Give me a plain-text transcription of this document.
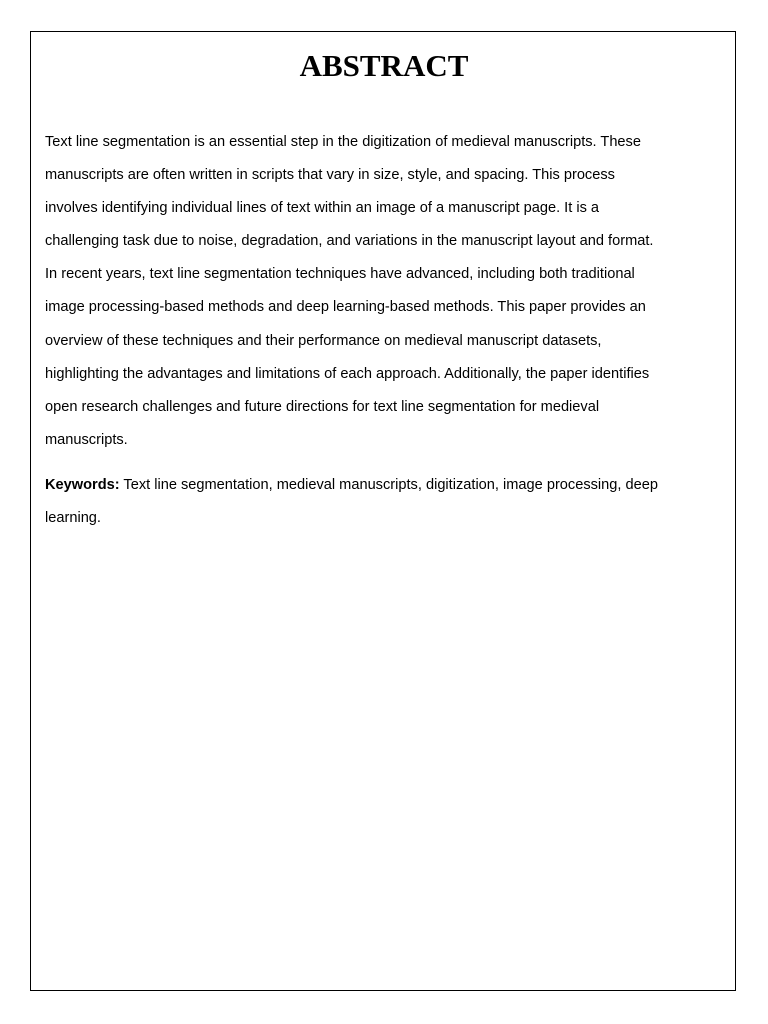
ABSTRACT

Text line segmentation is an essential step in the digitization of medieval manuscripts. These
manuscripts are often written in scripts that vary in size, style, and spacing. This process
involves identifying individual lines of text within an image of a manuscript page. It is a
challenging task due to noise, degradation, and variations in the manuscript layout and format.
In recent years, text line segmentation techniques have advanced, including both traditional
image processing-based methods and deep learning-based methods. This paper provides an
overview of these techniques and their performance on medieval manuscript datasets,
highlighting the advantages and limitations of each approach. Additionally, the paper identifies
open research challenges and future directions for text line segmentation for medieval
manuscripts.

Keywords: Text line segmentation, medieval manuscripts, digitization, image processing, deep
learning.
